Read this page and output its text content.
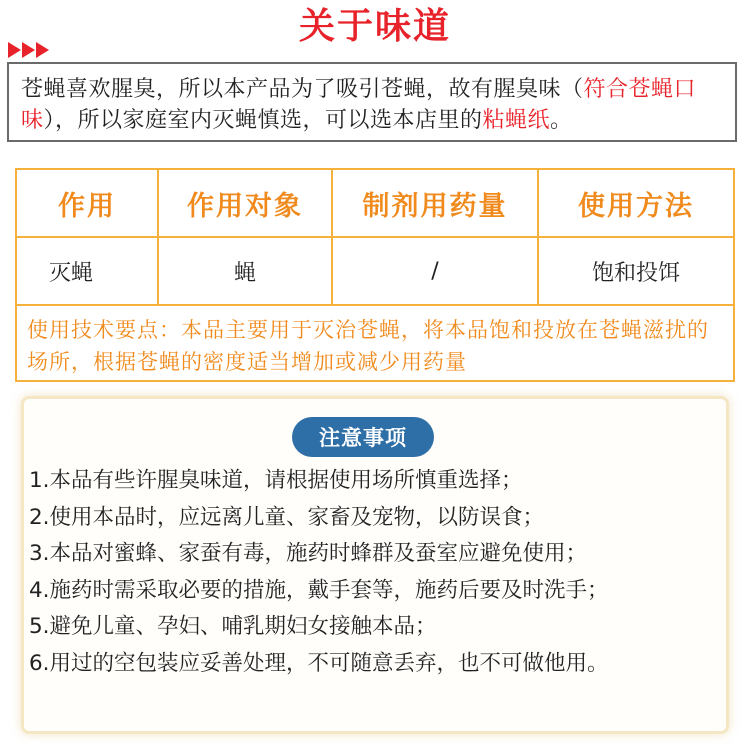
关于味道
苍蝇喜欢腥臭，所以本产品为了吸引苍蝇，故有腥臭味（符合苍蝇口味），所以家庭室内灭蝇慎选，可以选本店里的粘蝇纸。
作用	作用对象	制剂用药量	使用方法
灭蝇	蝇	/	饱和投饵
使用技术要点：本品主要用于灭治苍蝇，将本品饱和投放在苍蝇滋扰的场所，根据苍蝇的密度适当增加或减少用药量
注意事项
1.本品有些许腥臭味道，请根据使用场所慎重选择；
2.使用本品时，应远离儿童、家畜及宠物，以防误食；
3.本品对蜜蜂、家蚕有毒，施药时蜂群及蚕室应避免使用；
4.施药时需采取必要的措施，戴手套等，施药后要及时洗手；
5.避免儿童、孕妇、哺乳期妇女接触本品；
6.用过的空包装应妥善处理，不可随意丢弃，也不可做他用。
